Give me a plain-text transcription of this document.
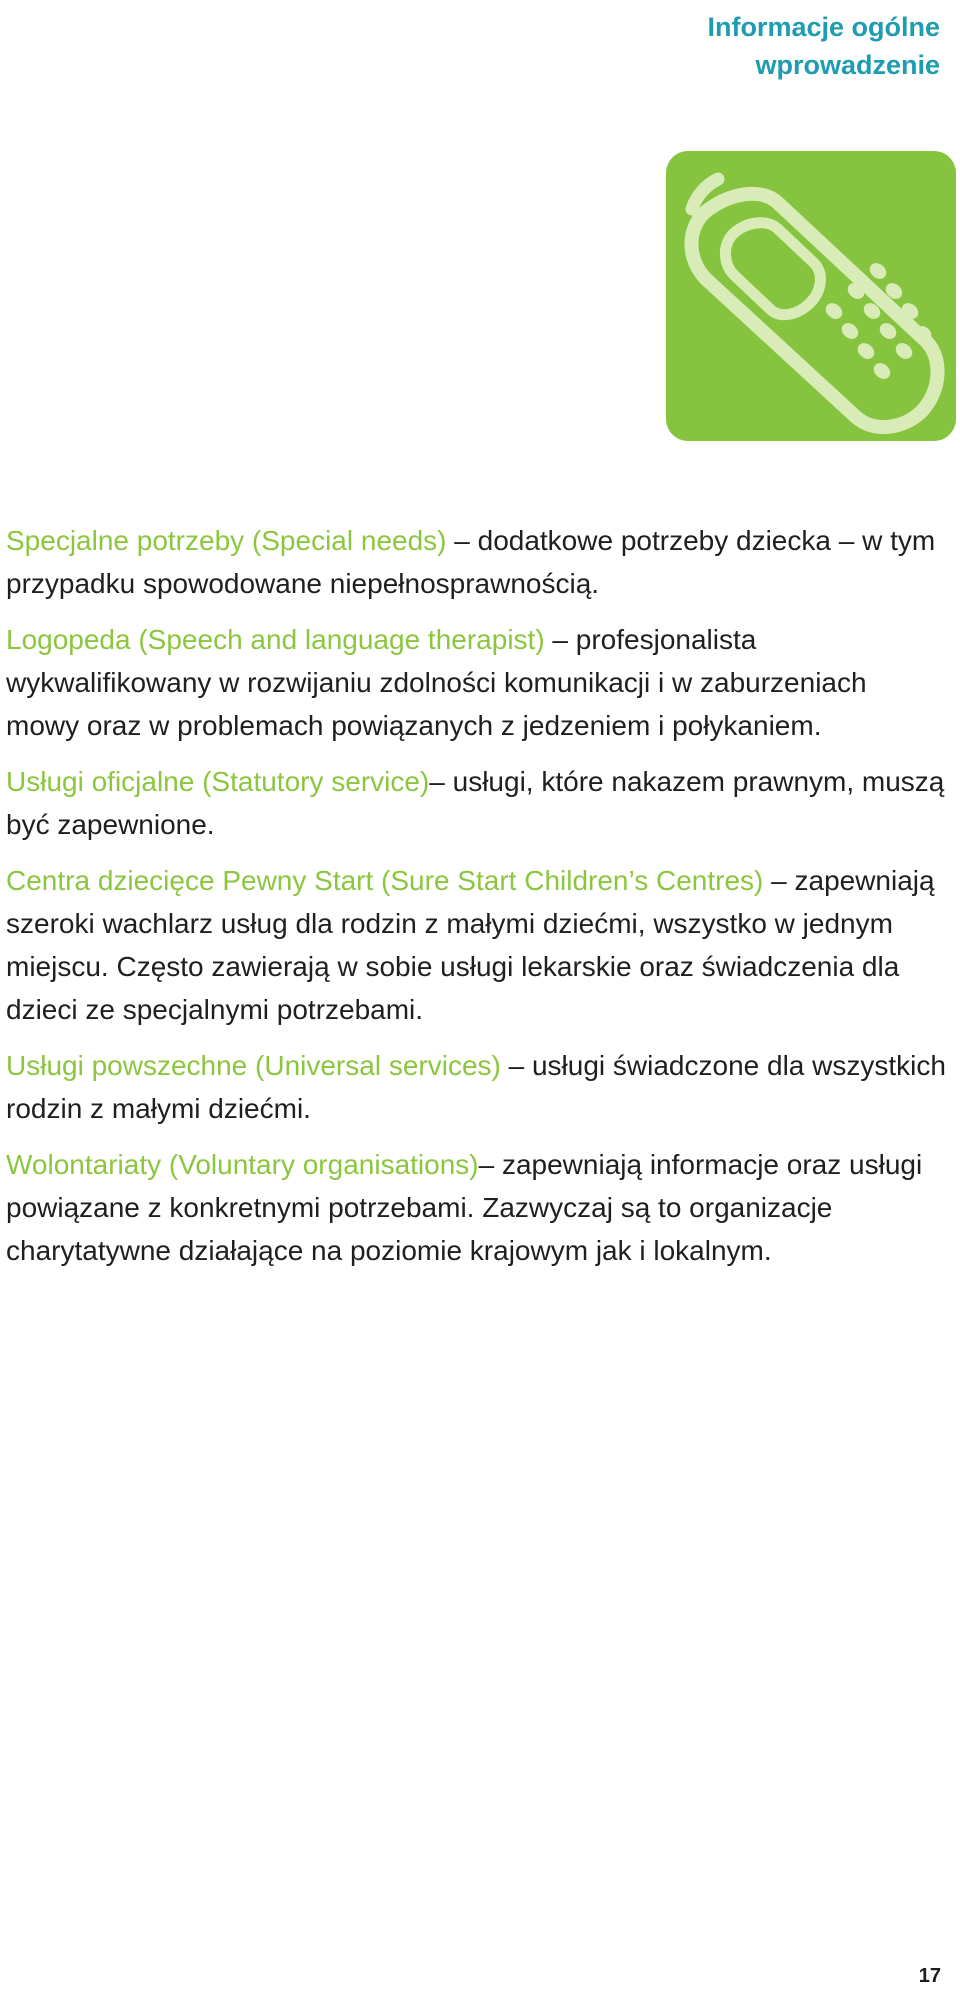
Informacje ogólne
wprowadzenie

Specjalne potrzeby (Special needs) – dodatkowe potrzeby dziecka – w tym przypadku spowodowane niepełnosprawnością.

Logopeda (Speech and language therapist) – profesjonalista wykwalifikowany w rozwijaniu zdolności komunikacji i w zaburzeniach mowy oraz w problemach powiązanych z jedzeniem i połykaniem.

Usługi oficjalne (Statutory service)– usługi, które nakazem prawnym, muszą być zapewnione.

Centra dziecięce Pewny Start (Sure Start Children’s Centres) – zapewniają szeroki wachlarz usług dla rodzin z małymi dziećmi, wszystko w jednym miejscu. Często zawierają w sobie usługi lekarskie oraz świadczenia dla dzieci ze specjalnymi potrzebami.

Usługi powszechne (Universal services) – usługi świadczone dla wszystkich rodzin z małymi dziećmi.

Wolontariaty (Voluntary organisations)– zapewniają informacje oraz usługi powiązane z konkretnymi potrzebami. Zazwyczaj są to organizacje charytatywne działające na poziomie krajowym jak i lokalnym.

17
